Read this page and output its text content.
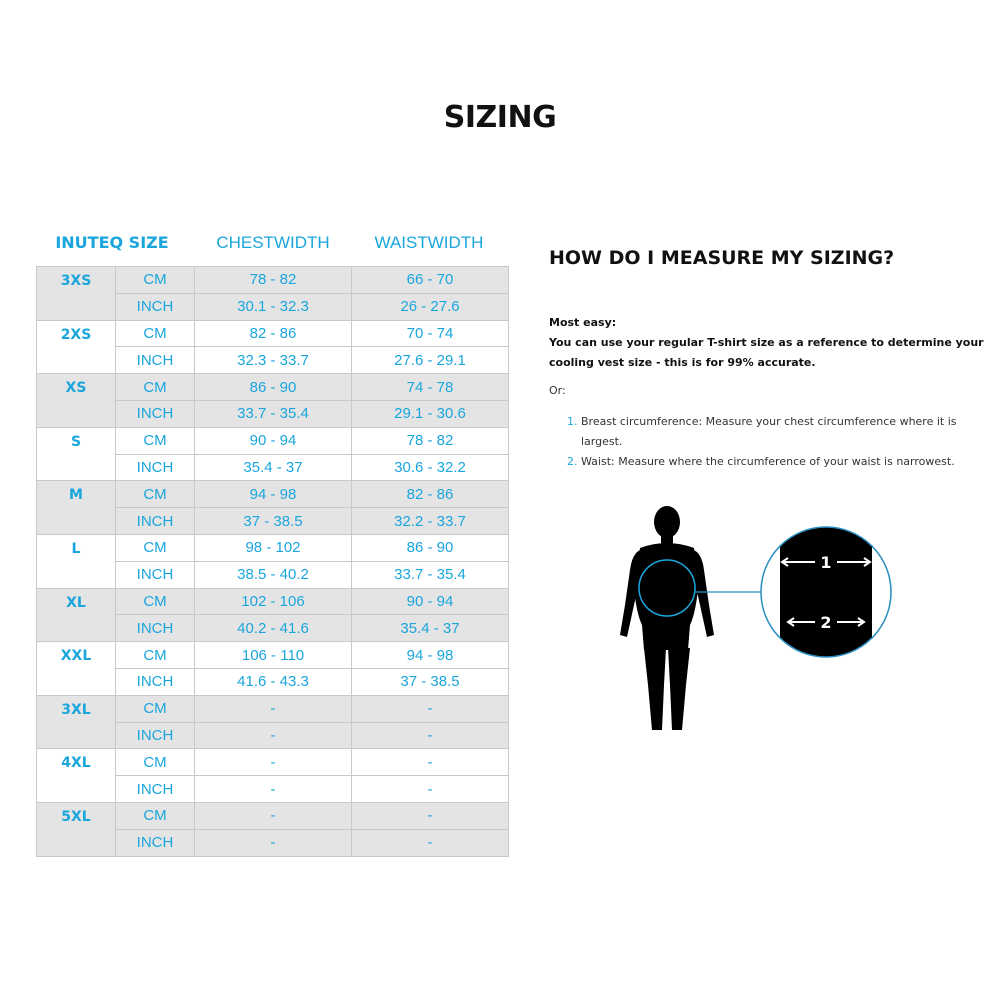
SIZING
INUTEQ SIZE	CHESTWIDTH	WAISTWIDTH
3XS	CM	78 - 82	66 - 70
	INCH	30.1 - 32.3	26 - 27.6
2XS	CM	82 - 86	70 - 74
	INCH	32.3 - 33.7	27.6 - 29.1
XS	CM	86 - 90	74 - 78
	INCH	33.7 - 35.4	29.1 - 30.6
S	CM	90 - 94	78 - 82
	INCH	35.4 - 37	30.6 - 32.2
M	CM	94 - 98	82 - 86
	INCH	37 - 38.5	32.2 - 33.7
L	CM	98 - 102	86 - 90
	INCH	38.5 - 40.2	33.7 - 35.4
XL	CM	102 - 106	90 - 94
	INCH	40.2 - 41.6	35.4 - 37
XXL	CM	106 - 110	94 - 98
	INCH	41.6 - 43.3	37 - 38.5
3XL	CM	-	-
	INCH	-	-
4XL	CM	-	-
	INCH	-	-
5XL	CM	-	-
	INCH	-	-
HOW DO I MEASURE MY SIZING?
Most easy:
You can use your regular T-shirt size as a reference to determine your cooling vest size - this is for 99% accurate.
Or:
1. Breast circumference: Measure your chest circumference where it is largest.
2. Waist: Measure where the circumference of your waist is narrowest.
1
2
